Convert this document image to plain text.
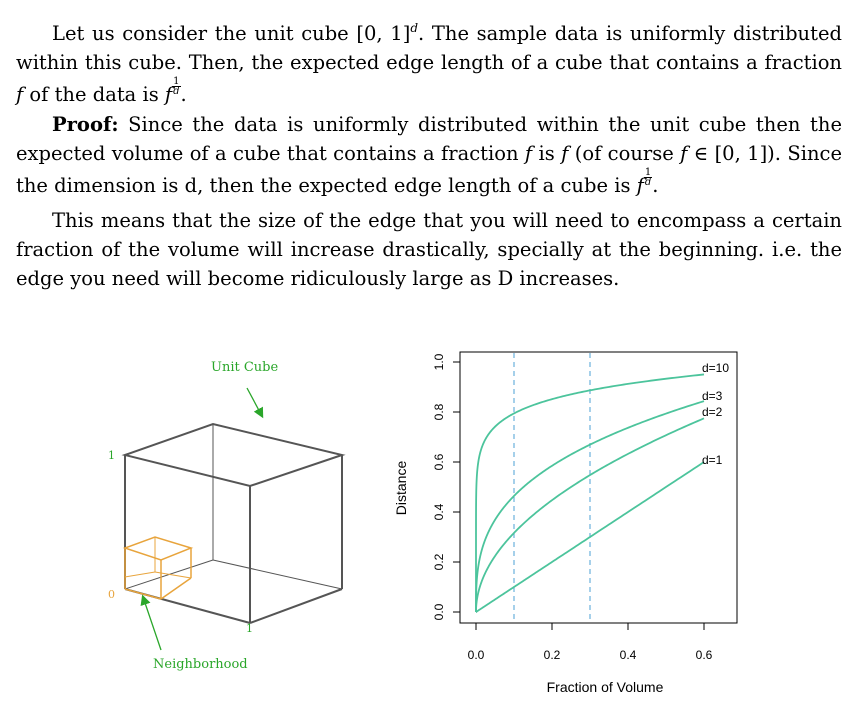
Let us consider the unit cube [0, 1]$^d$. The sample data is uniformly distributed within this cube. Then, the expected edge length of a cube that contains a fraction f of the data is f $\frac{1}{d}$ .
Proof: Since the data is uniformly distributed within the unit cube then the expected volume of a cube that contains a fraction f is f (of course f ∈ [0, 1]). Since the dimension is d, then the expected edge length of a cube is f $\frac{1}{d}$ .
This means that the size of the edge that you will need to encompass a certain fraction of the volume will increase drastically, specially at the beginning. i.e. the edge you need will become ridiculously large as D increases.
Unit Cube
Neighborhood
1
0
1
0.0	0.2	0.4	0.6
0.0
0.2
0.4
0.6
0.8
1.0	d=10
d=3
d=2
d=1
Fraction of Volume
Distance
